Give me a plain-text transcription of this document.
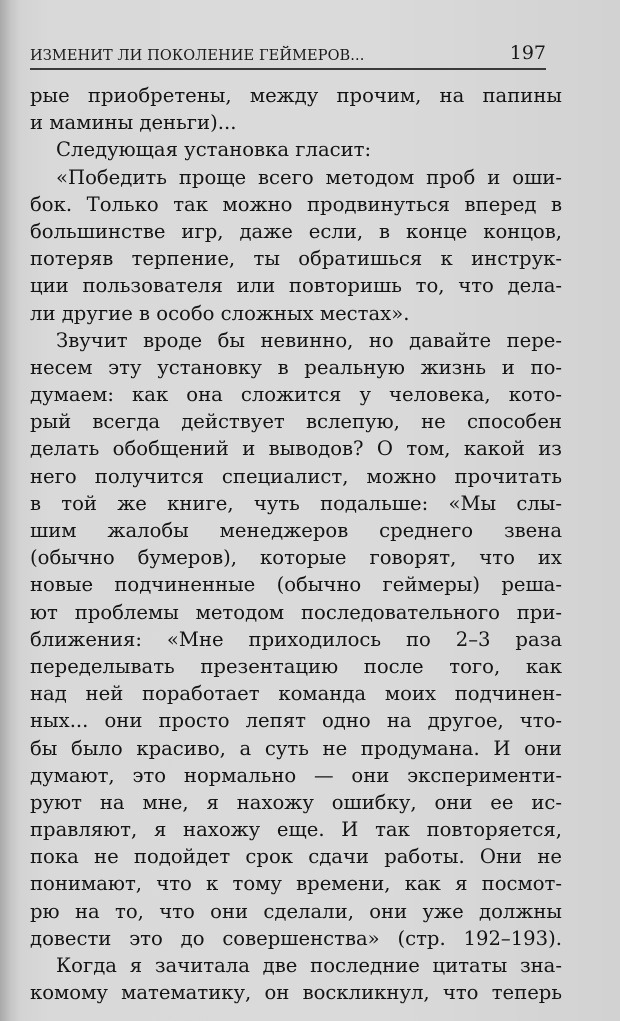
ИЗМЕНИТ ЛИ ПОКОЛЕНИЕ ГЕЙМЕРОВ...	197
рые приобретены, между прочим, на папины
и мамины деньги)...
Следующая установка гласит:
«Победить проще всего методом проб и оши-
бок. Только так можно продвинуться вперед в
большинстве игр, даже если, в конце концов,
потеряв терпение, ты обратишься к инструк-
ции пользователя или повторишь то, что дела-
ли другие в особо сложных местах».
Звучит вроде бы невинно, но давайте пере-
несем эту установку в реальную жизнь и по-
думаем: как она сложится у человека, кото-
рый всегда действует вслепую, не способен
делать обобщений и выводов? О том, какой из
него получится специалист, можно прочитать
в той же книге, чуть подальше: «Мы слы-
шим жалобы менеджеров среднего звена
(обычно бумеров), которые говорят, что их
новые подчиненные (обычно геймеры) реша-
ют проблемы методом последовательного при-
ближения: «Мне приходилось по 2–3 раза
переделывать презентацию после того, как
над ней поработает команда моих подчинен-
ных... они просто лепят одно на другое, что-
бы было красиво, а суть не продумана. И они
думают, это нормально — они эксперименти-
руют на мне, я нахожу ошибку, они ее ис-
правляют, я нахожу еще. И так повторяется,
пока не подойдет срок сдачи работы. Они не
понимают, что к тому времени, как я посмот-
рю на то, что они сделали, они уже должны
довести это до совершенства» (стр. 192–193).
Когда я зачитала две последние цитаты зна-
комому математику, он воскликнул, что теперь
